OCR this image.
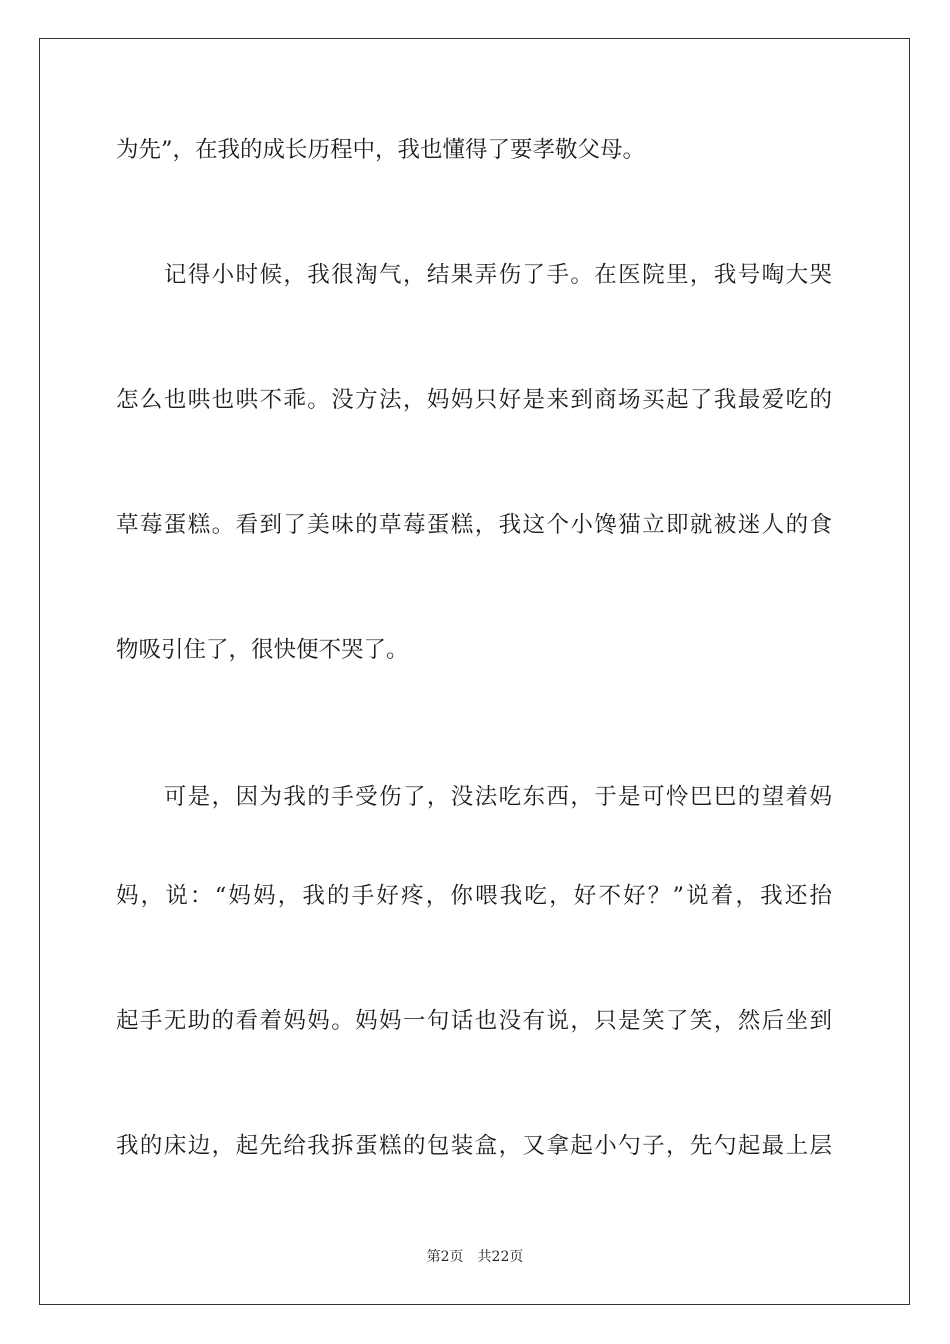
为先”，在我的成长历程中，我也懂得了要孝敬父母。
　　记得小时候，我很淘气，结果弄伤了手。在医院里，我号啕大哭
怎么也哄也哄不乖。没方法，妈妈只好是来到商场买起了我最爱吃的
草莓蛋糕。看到了美味的草莓蛋糕，我这个小馋猫立即就被迷人的食
物吸引住了，很快便不哭了。
　　可是，因为我的手受伤了，没法吃东西，于是可怜巴巴的望着妈
妈，说：“妈妈，我的手好疼，你喂我吃，好不好？”说着，我还抬
起手无助的看着妈妈。妈妈一句话也没有说，只是笑了笑，然后坐到
我的床边，起先给我拆蛋糕的包装盒，又拿起小勺子，先勺起最上层
第2页 共22页
